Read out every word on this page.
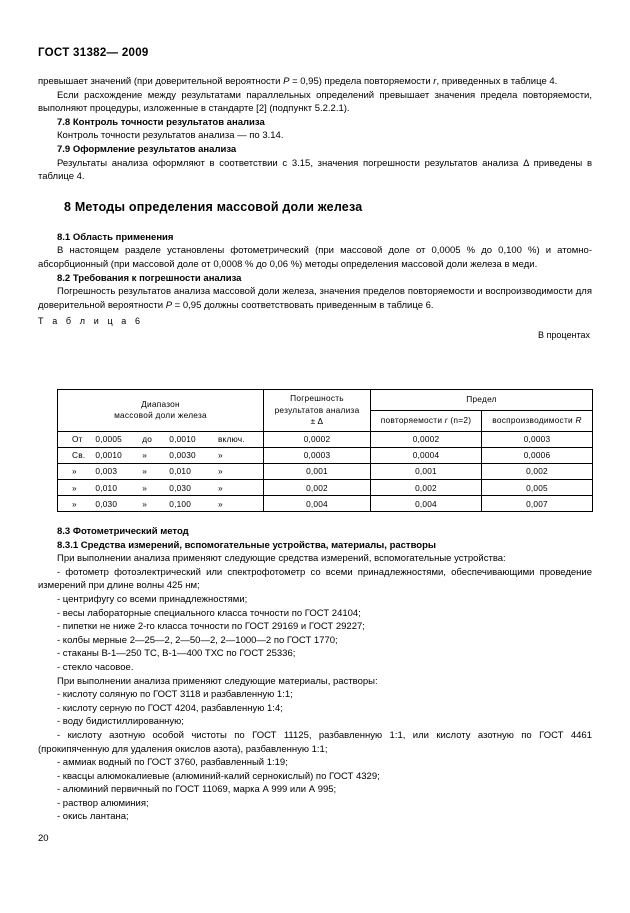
ГОСТ 31382— 2009

превышает значений (при доверительной вероятности P = 0,95) предела повторяемости r, приведенных в таблице 4.

Если расхождение между результатами параллельных определений превышает значения предела повторяемости, выполняют процедуры, изложенные в стандарте [2] (подпункт 5.2.2.1).

7.8 Контроль точности результатов анализа

Контроль точности результатов анализа — по 3.14.

7.9 Оформление результатов анализа

Результаты анализа оформляют в соответствии с 3.15, значения погрешности результатов анализа Δ приведены в таблице 4.

8 Методы определения массовой доли железа
8.1 Область применения

В настоящем разделе установлены фотометрический (при массовой доле от 0,0005 % до 0,100 %) и атомно-абсорбционный (при массовой доле от 0,0008 % до 0,06 %) методы определения массовой доли железа в меди.

8.2 Требования к погрешности анализа

Погрешность результатов анализа массовой доли железа, значения пределов повторяемости и воспроизводимости для доверительной вероятности P = 0,95 должны соответствовать приведенным в таблице 6.

Т а б л и ц а 6

В процентах

Диапазон
массовой доли железа

Погрешность
результатов анализа
± Δ
	Предел
		повторяемости r (n=2)	воспроизводимости R

От 0,0005 до 0,0010 включ.	0,0002	0,0002	0,0003

Св. 0,0010 » 0,0030 »	0,0003	0,0004	0,0006

» 0,003 » 0,010 »	0,001	0,001	0,002

» 0,010 » 0,030 »	0,002	0,002	0,005

» 0,030 » 0,100 »	0,004	0,004	0,007
8.3 Фотометрический метод
8.3.1 Средства измерений, вспомогательные устройства, материалы, растворы

При выполнении анализа применяют следующие средства измерений, вспомогательные устройства:

- фотометр фотоэлектрический или спектрофотометр со всеми принадлежностями, обеспечивающими проведение измерений при длине волны 425 нм;

- центрифугу со всеми принадлежностями;

- весы лабораторные специального класса точности по ГОСТ 24104;

- пипетки не ниже 2-го класса точности по ГОСТ 29169 и ГОСТ 29227;

- колбы мерные 2—25—2, 2—50—2, 2—1000—2 по ГОСТ 1770;

- стаканы В-1—250 ТС, В-1—400 ТХС по ГОСТ 25336;

- стекло часовое.

При выполнении анализа применяют следующие материалы, растворы:

- кислоту соляную по ГОСТ 3118 и разбавленную 1:1;

- кислоту серную по ГОСТ 4204, разбавленную 1:4;

- воду бидистиллированную;

- кислоту азотную особой чистоты по ГОСТ 11125, разбавленную 1:1, или кислоту азотную по ГОСТ 4461 (прокипяченную для удаления окислов азота), разбавленную 1:1;

- аммиак водный по ГОСТ 3760, разбавленный 1:19;

- квасцы алюмокалиевые (алюминий-калий сернокислый) по ГОСТ 4329;

- алюминий первичный по ГОСТ 11069, марка А 999 или А 995;

- раствор алюминия;

- окись лантана;

20
